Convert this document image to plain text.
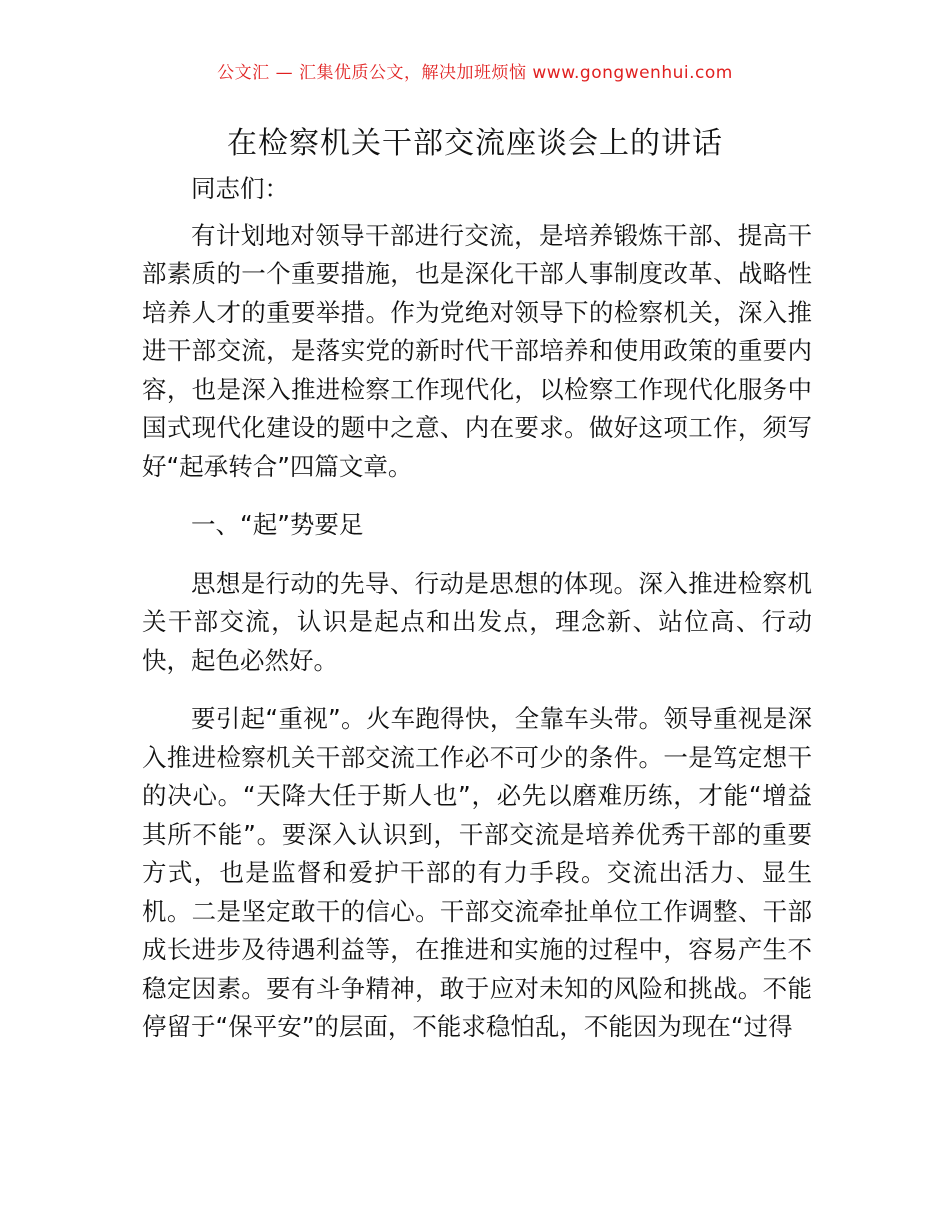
公文汇 — 汇集优质公文，解决加班烦恼 www.gongwenhui.com
在检察机关干部交流座谈会上的讲话

同志们：

有计划地对领导干部进行交流，是培养锻炼干部、提高干部素质的一个重要措施，也是深化干部人事制度改革、战略性培养人才的重要举措。作为党绝对领导下的检察机关，深入推进干部交流，是落实党的新时代干部培养和使用政策的重要内容，也是深入推进检察工作现代化，以检察工作现代化服务中国式现代化建设的题中之意、内在要求。做好这项工作，须写好“起承转合”四篇文章。

一、“起”势要足

思想是行动的先导、行动是思想的体现。深入推进检察机关干部交流，认识是起点和出发点，理念新、站位高、行动快，起色必然好。

要引起“重视”。火车跑得快，全靠车头带。领导重视是深入推进检察机关干部交流工作必不可少的条件。一是笃定想干的决心。“天降大任于斯人也”，必先以磨难历练，才能“增益其所不能”。要深入认识到，干部交流是培养优秀干部的重要方式，也是监督和爱护干部的有力手段。交流出活力、显生机。二是坚定敢干的信心。干部交流牵扯单位工作调整、干部成长进步及待遇利益等，在推进和实施的过程中，容易产生不稳定因素。要有斗争精神，敢于应对未知的风险和挑战。不能停留于“保平安”的层面，不能求稳怕乱，不能因为现在“过得
